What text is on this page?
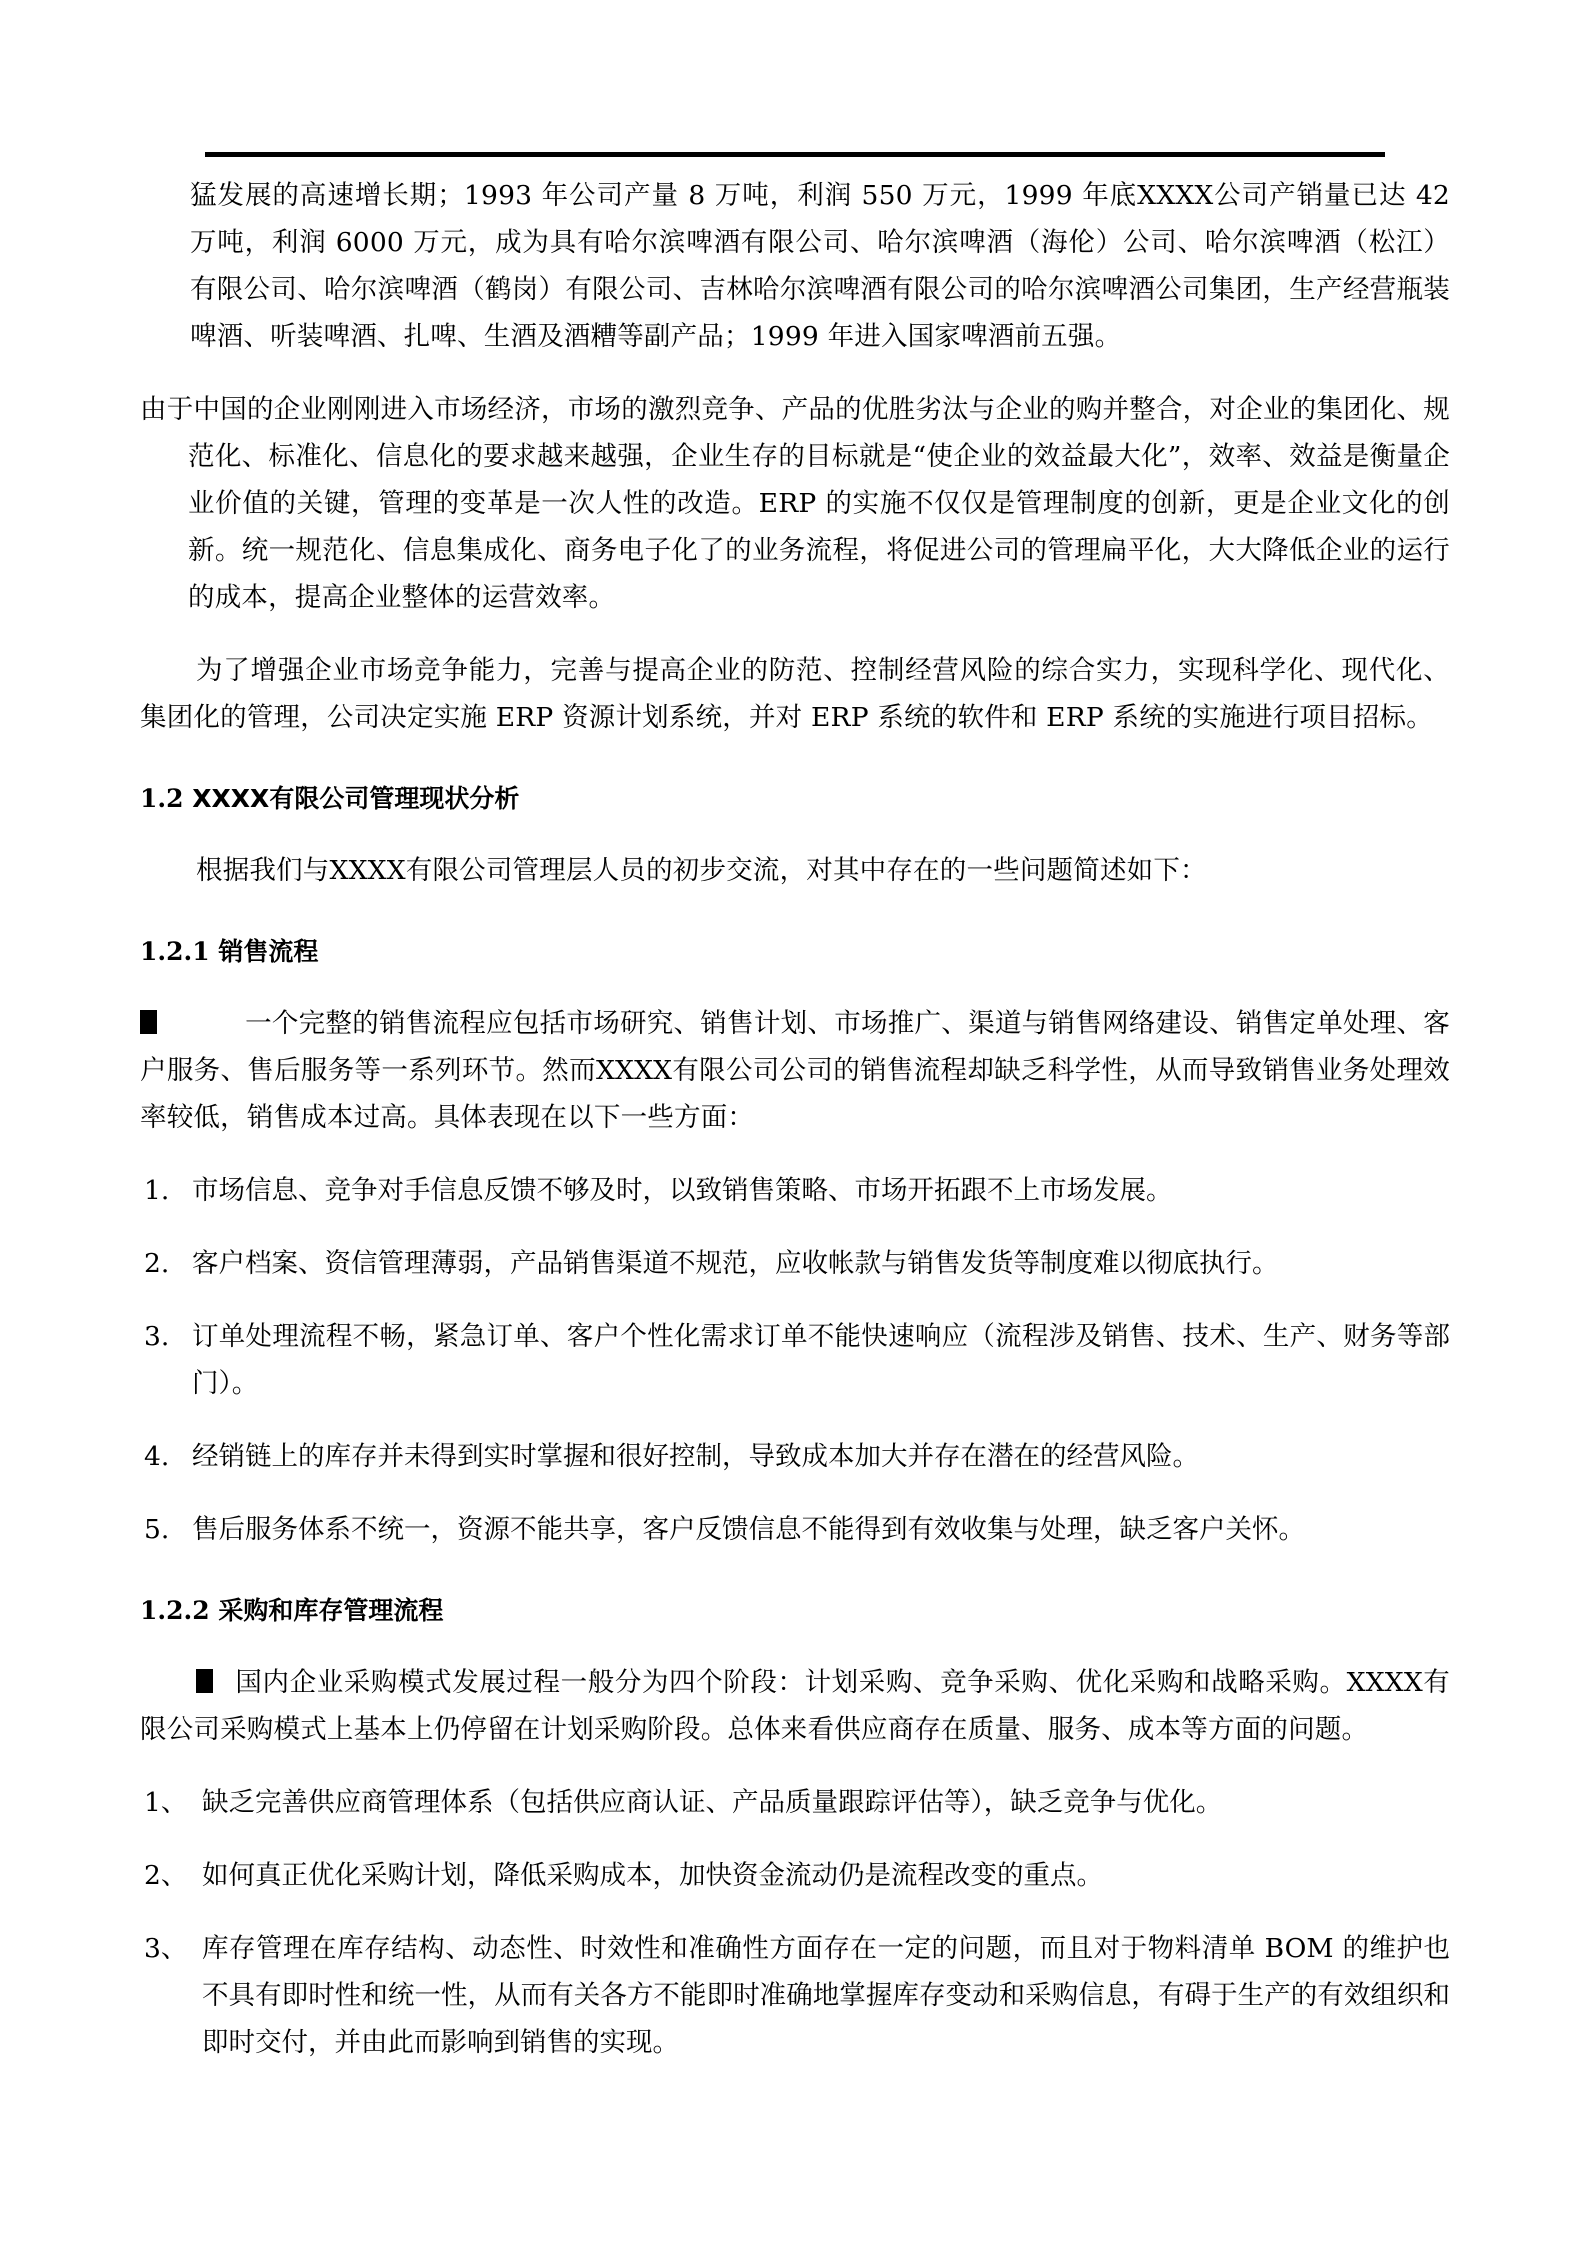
猛发展的高速增长期；1993 年公司产量 8 万吨，利润 550 万元，1999 年底XXXX公司产销量已达 42 万吨，利润 6000 万元，成为具有哈尔滨啤酒有限公司、哈尔滨啤酒（海伦）公司、哈尔滨啤酒（松江）有限公司、哈尔滨啤酒（鹤岗）有限公司、吉林哈尔滨啤酒有限公司的哈尔滨啤酒公司集团，生产经营瓶装啤酒、听装啤酒、扎啤、生酒及酒糟等副产品；1999 年进入国家啤酒前五强。

由于中国的企业刚刚进入市场经济，市场的激烈竞争、产品的优胜劣汰与企业的购并整合，对企业的集团化、规范化、标准化、信息化的要求越来越强，企业生存的目标就是“使企业的效益最大化”，效率、效益是衡量企业价值的关键，管理的变革是一次人性的改造。ERP 的实施不仅仅是管理制度的创新，更是企业文化的创新。统一规范化、信息集成化、商务电子化了的业务流程，将促进公司的管理扁平化，大大降低企业的运行的成本，提高企业整体的运营效率。

为了增强企业市场竞争能力，完善与提高企业的防范、控制经营风险的综合实力，实现科学化、现代化、集团化的管理，公司决定实施 ERP 资源计划系统，并对 ERP 系统的软件和 ERP 系统的实施进行项目招标。

1.2 XXXX有限公司管理现状分析

根据我们与XXXX有限公司管理层人员的初步交流，对其中存在的一些问题简述如下：

1.2.1 销售流程

一个完整的销售流程应包括市场研究、销售计划、市场推广、渠道与销售网络建设、销售定单处理、客户服务、售后服务等一系列环节。然而XXXX有限公司公司的销售流程却缺乏科学性，从而导致销售业务处理效率较低，销售成本过高。具体表现在以下一些方面：

1. 市场信息、竞争对手信息反馈不够及时，以致销售策略、市场开拓跟不上市场发展。
2. 客户档案、资信管理薄弱，产品销售渠道不规范，应收帐款与销售发货等制度难以彻底执行。
3. 订单处理流程不畅，紧急订单、客户个性化需求订单不能快速响应（流程涉及销售、技术、生产、财务等部门）。
4. 经销链上的库存并未得到实时掌握和很好控制，导致成本加大并存在潜在的经营风险。
5. 售后服务体系不统一，资源不能共享，客户反馈信息不能得到有效收集与处理，缺乏客户关怀。
1.2.2 采购和库存管理流程

国内企业采购模式发展过程一般分为四个阶段：计划采购、竞争采购、优化采购和战略采购。XXXX有限公司采购模式上基本上仍停留在计划采购阶段。总体来看供应商存在质量、服务、成本等方面的问题。

1、 缺乏完善供应商管理体系（包括供应商认证、产品质量跟踪评估等），缺乏竞争与优化。
2、 如何真正优化采购计划，降低采购成本，加快资金流动仍是流程改变的重点。
3、 库存管理在库存结构、动态性、时效性和准确性方面存在一定的问题，而且对于物料清单 BOM 的维护也不具有即时性和统一性，从而有关各方不能即时准确地掌握库存变动和采购信息，有碍于生产的有效组织和即时交付，并由此而影响到销售的实现。
